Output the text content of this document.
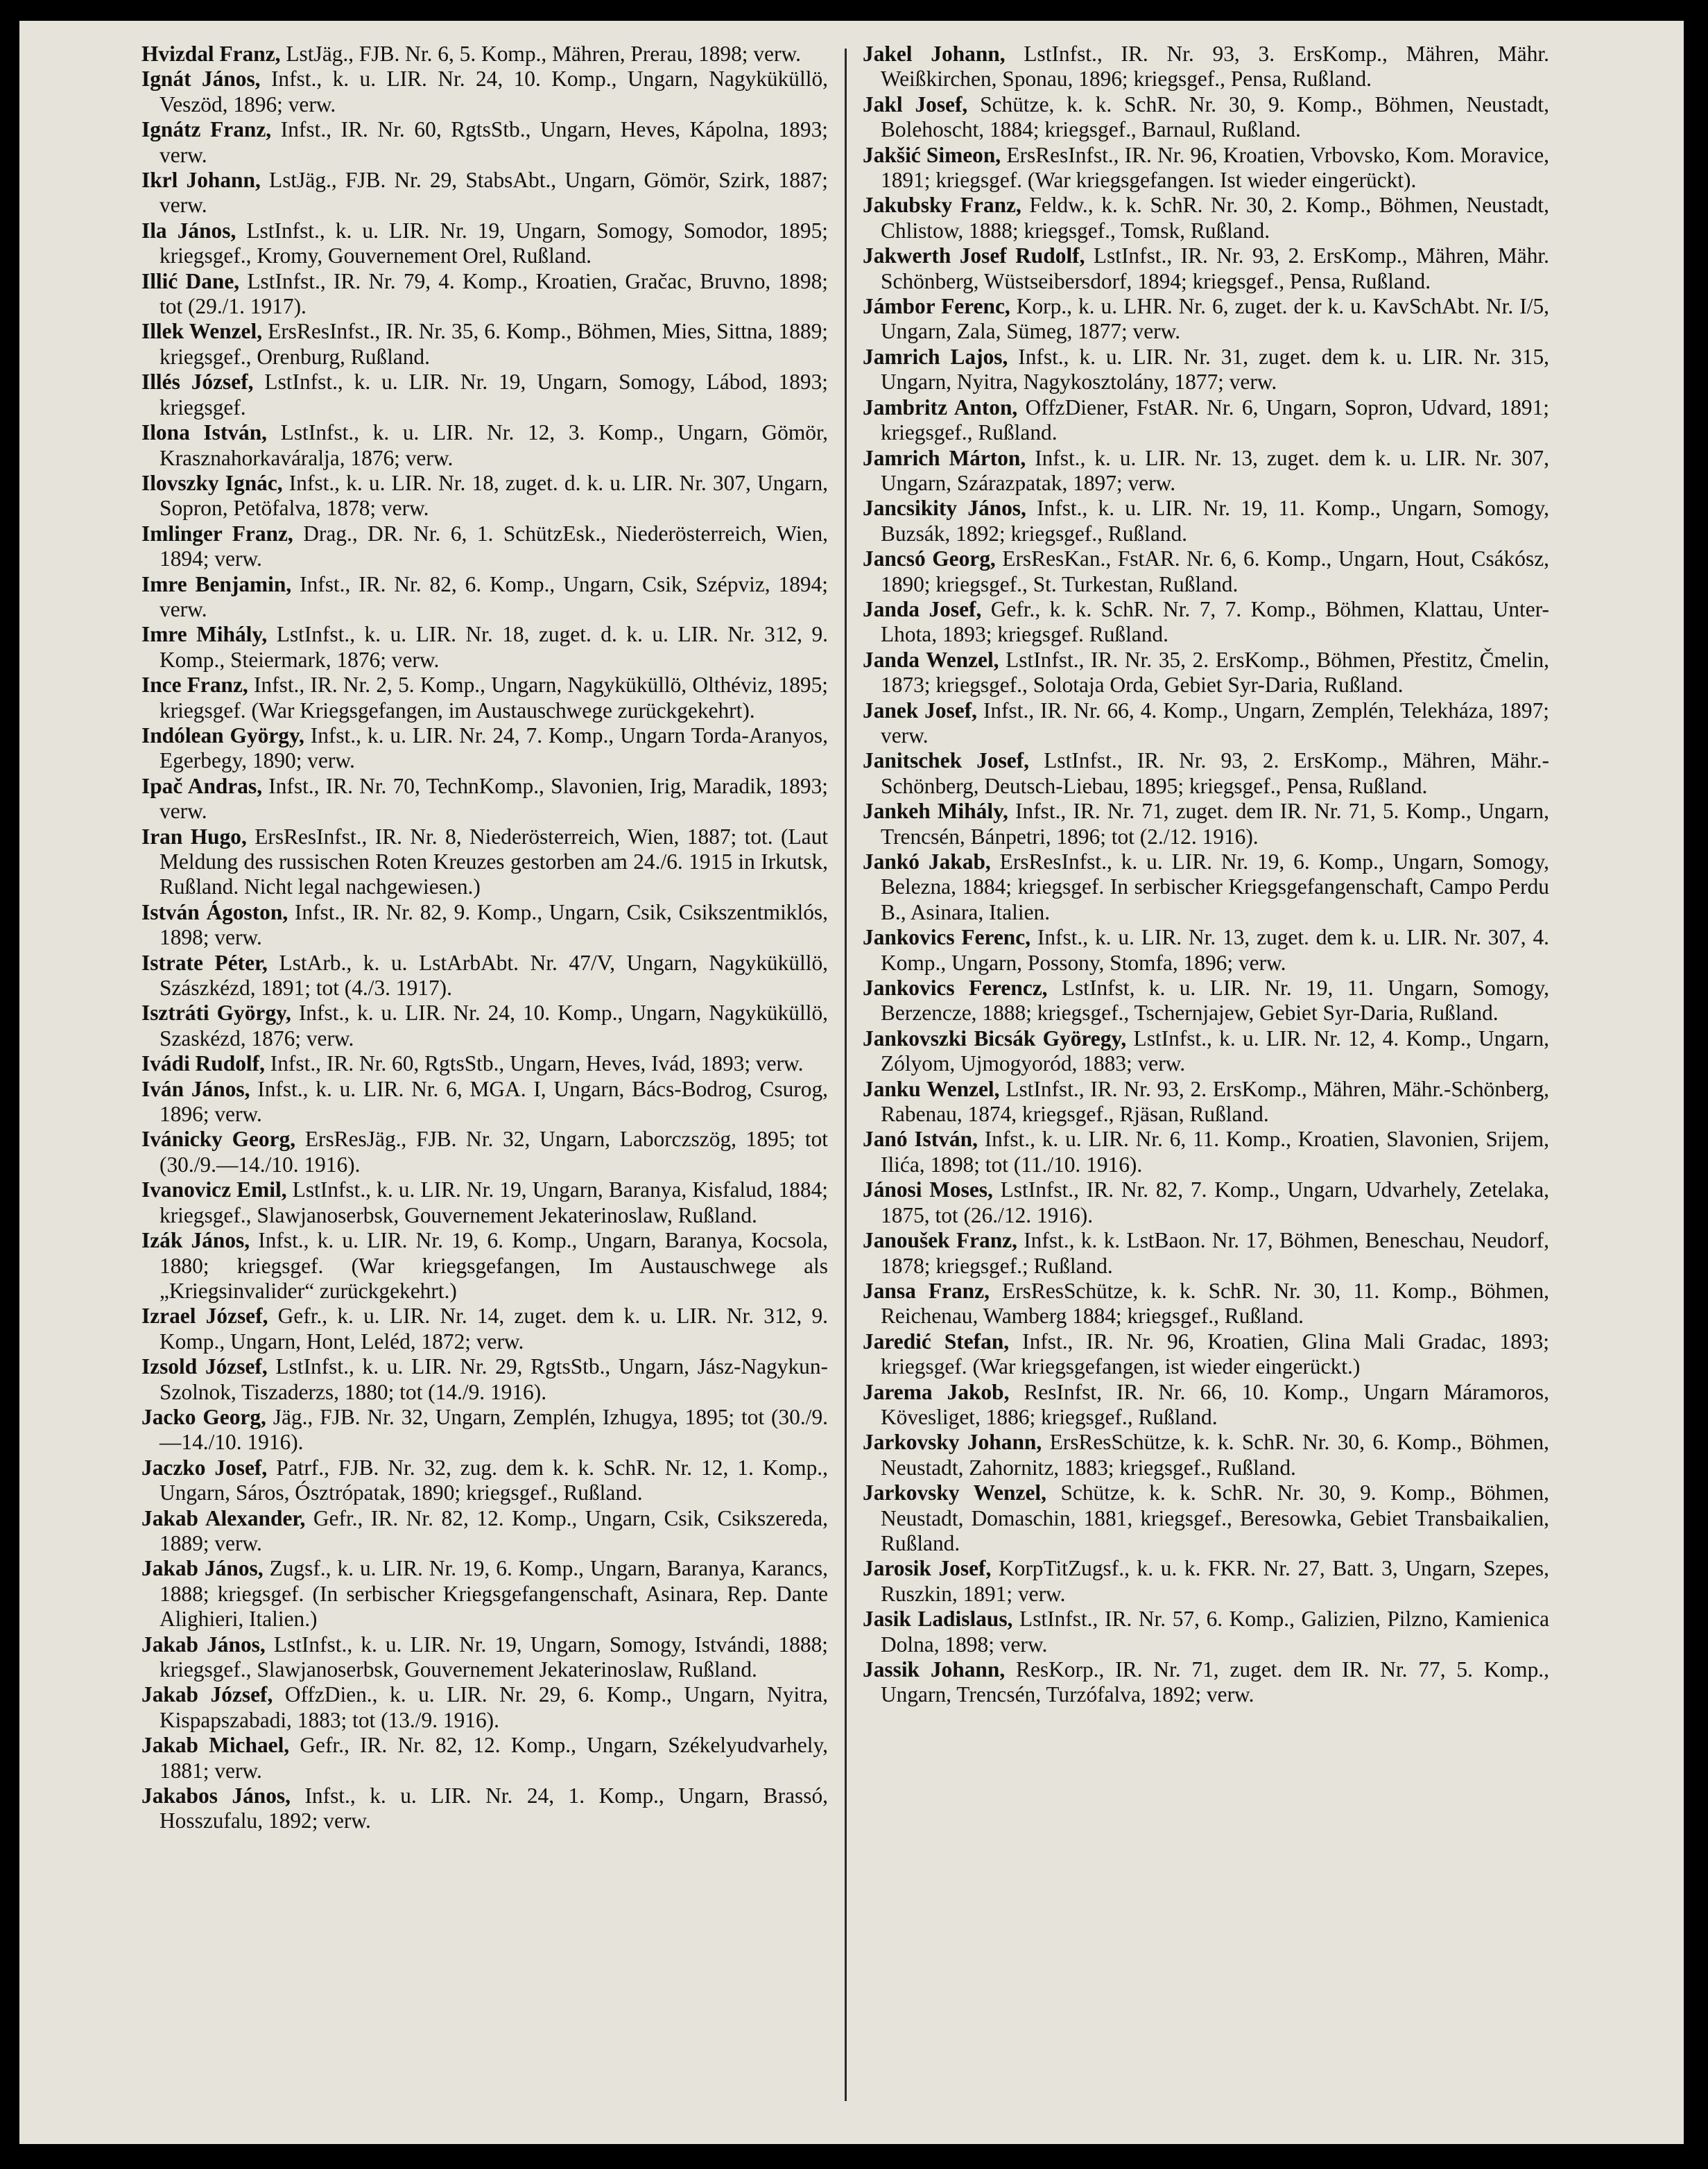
Hvizdal Franz, LstJäg., FJB. Nr. 6, 5. Komp., Mähren, Prerau, 1898; verw.

Ignát János, Infst., k. u. LIR. Nr. 24, 10. Komp., Ungarn, Nagyküküllö, Veszöd, 1896; verw.

Ignátz Franz, Infst., IR. Nr. 60, RgtsStb., Ungarn, Heves, Kápolna, 1893; verw.

Ikrl Johann, LstJäg., FJB. Nr. 29, StabsAbt., Ungarn, Gömör, Szirk, 1887; verw.

Ila János, LstInfst., k. u. LIR. Nr. 19, Ungarn, Somogy, Somodor, 1895; kriegsgef., Kromy, Gouvernement Orel, Rußland.

Illić Dane, LstInfst., IR. Nr. 79, 4. Komp., Kroatien, Gračac, Bruvno, 1898; tot (29./1. 1917).

Illek Wenzel, ErsResInfst., IR. Nr. 35, 6. Komp., Böhmen, Mies, Sittna, 1889; kriegsgef., Orenburg, Rußland.

Illés József, LstInfst., k. u. LIR. Nr. 19, Ungarn, Somogy, Lábod, 1893; kriegsgef.

Ilona István, LstInfst., k. u. LIR. Nr. 12, 3. Komp., Ungarn, Gömör, Krasznahorkaváralja, 1876; verw.

Ilovszky Ignác, Infst., k. u. LIR. Nr. 18, zuget. d. k. u. LIR. Nr. 307, Ungarn, Sopron, Petöfalva, 1878; verw.

Imlinger Franz, Drag., DR. Nr. 6, 1. SchützEsk., Niederösterreich, Wien, 1894; verw.

Imre Benjamin, Infst., IR. Nr. 82, 6. Komp., Ungarn, Csik, Szépviz, 1894; verw.

Imre Mihály, LstInfst., k. u. LIR. Nr. 18, zuget. d. k. u. LIR. Nr. 312, 9. Komp., Steiermark, 1876; verw.

Ince Franz, Infst., IR. Nr. 2, 5. Komp., Ungarn, Nagyküküllö, Olthéviz, 1895; kriegsgef. (War Kriegsgefangen, im Austauschwege zurückgekehrt).

Indólean György, Infst., k. u. LIR. Nr. 24, 7. Komp., Ungarn Torda-Aranyos, Egerbegy, 1890; verw.

Ipač Andras, Infst., IR. Nr. 70, TechnKomp., Slavonien, Irig, Maradik, 1893; verw.

Iran Hugo, ErsResInfst., IR. Nr. 8, Niederösterreich, Wien, 1887; tot. (Laut Meldung des russischen Roten Kreuzes gestorben am 24./6. 1915 in Irkutsk, Rußland. Nicht legal nachgewiesen.)

István Ágoston, Infst., IR. Nr. 82, 9. Komp., Ungarn, Csik, Csikszentmiklós, 1898; verw.

Istrate Péter, LstArb., k. u. LstArbAbt. Nr. 47/V, Ungarn, Nagyküküllö, Szászkézd, 1891; tot (4./3. 1917).

Isztráti György, Infst., k. u. LIR. Nr. 24, 10. Komp., Ungarn, Nagyküküllö, Szaskézd, 1876; verw.

Ivádi Rudolf, Infst., IR. Nr. 60, RgtsStb., Ungarn, Heves, Ivád, 1893; verw.

Iván János, Infst., k. u. LIR. Nr. 6, MGA. I, Ungarn, Bács-Bodrog, Csurog, 1896; verw.

Ivánicky Georg, ErsResJäg., FJB. Nr. 32, Ungarn, Laborczszög, 1895; tot (30./9.—14./10. 1916).

Ivanovicz Emil, LstInfst., k. u. LIR. Nr. 19, Ungarn, Baranya, Kisfalud, 1884; kriegsgef., Slawjanoserbsk, Gouvernement Jekaterinoslaw, Rußland.

Izák János, Infst., k. u. LIR. Nr. 19, 6. Komp., Ungarn, Baranya, Kocsola, 1880; kriegsgef. (War kriegsgefangen, Im Austauschwege als „Kriegsinvalider“ zurückgekehrt.)

Izrael József, Gefr., k. u. LIR. Nr. 14, zuget. dem k. u. LIR. Nr. 312, 9. Komp., Ungarn, Hont, Leléd, 1872; verw.

Izsold József, LstInfst., k. u. LIR. Nr. 29, RgtsStb., Ungarn, Jász-Nagykun-Szolnok, Tiszaderzs, 1880; tot (14./9. 1916).

Jacko Georg, Jäg., FJB. Nr. 32, Ungarn, Zemplén, Izhugya, 1895; tot (30./9.—14./10. 1916).

Jaczko Josef, Patrf., FJB. Nr. 32, zug. dem k. k. SchR. Nr. 12, 1. Komp., Ungarn, Sáros, Ósztrópatak, 1890; kriegsgef., Rußland.

Jakab Alexander, Gefr., IR. Nr. 82, 12. Komp., Ungarn, Csik, Csikszereda, 1889; verw.

Jakab János, Zugsf., k. u. LIR. Nr. 19, 6. Komp., Ungarn, Baranya, Karancs, 1888; kriegsgef. (In serbischer Kriegsgefangenschaft, Asinara, Rep. Dante Alighieri, Italien.)

Jakab János, LstInfst., k. u. LIR. Nr. 19, Ungarn, Somogy, Istvándi, 1888; kriegsgef., Slawjanoserbsk, Gouvernement Jekaterinoslaw, Rußland.

Jakab József, OffzDien., k. u. LIR. Nr. 29, 6. Komp., Ungarn, Nyitra, Kispapszabadi, 1883; tot (13./9. 1916).

Jakab Michael, Gefr., IR. Nr. 82, 12. Komp., Ungarn, Székelyudvarhely, 1881; verw.

Jakabos János, Infst., k. u. LIR. Nr. 24, 1. Komp., Ungarn, Brassó, Hosszufalu, 1892; verw.

Jakel Johann, LstInfst., IR. Nr. 93, 3. ErsKomp., Mähren, Mähr. Weißkirchen, Sponau, 1896; kriegsgef., Pensa, Rußland.

Jakl Josef, Schütze, k. k. SchR. Nr. 30, 9. Komp., Böhmen, Neustadt, Bolehoscht, 1884; kriegsgef., Barnaul, Rußland.

Jakšić Simeon, ErsResInfst., IR. Nr. 96, Kroatien, Vrbovsko, Kom. Moravice, 1891; kriegsgef. (War kriegsgefangen. Ist wieder eingerückt).

Jakubsky Franz, Feldw., k. k. SchR. Nr. 30, 2. Komp., Böhmen, Neustadt, Chlistow, 1888; kriegsgef., Tomsk, Rußland.

Jakwerth Josef Rudolf, LstInfst., IR. Nr. 93, 2. ErsKomp., Mähren, Mähr. Schönberg, Wüstseibersdorf, 1894; kriegsgef., Pensa, Rußland.

Jámbor Ferenc, Korp., k. u. LHR. Nr. 6, zuget. der k. u. KavSchAbt. Nr. I/5, Ungarn, Zala, Sümeg, 1877; verw.

Jamrich Lajos, Infst., k. u. LIR. Nr. 31, zuget. dem k. u. LIR. Nr. 315, Ungarn, Nyitra, Nagykosztolány, 1877; verw.

Jambritz Anton, OffzDiener, FstAR. Nr. 6, Ungarn, Sopron, Udvard, 1891; kriegsgef., Rußland.

Jamrich Márton, Infst., k. u. LIR. Nr. 13, zuget. dem k. u. LIR. Nr. 307, Ungarn, Szárazpatak, 1897; verw.

Jancsikity János, Infst., k. u. LIR. Nr. 19, 11. Komp., Ungarn, Somogy, Buzsák, 1892; kriegsgef., Rußland.

Jancsó Georg, ErsResKan., FstAR. Nr. 6, 6. Komp., Ungarn, Hout, Csákósz, 1890; kriegsgef., St. Turkestan, Rußland.

Janda Josef, Gefr., k. k. SchR. Nr. 7, 7. Komp., Böhmen, Klattau, Unter-Lhota, 1893; kriegsgef. Rußland.

Janda Wenzel, LstInfst., IR. Nr. 35, 2. ErsKomp., Böhmen, Přestitz, Čmelin, 1873; kriegsgef., Solotaja Orda, Gebiet Syr-Daria, Rußland.

Janek Josef, Infst., IR. Nr. 66, 4. Komp., Ungarn, Zemplén, Telekháza, 1897; verw.

Janitschek Josef, LstInfst., IR. Nr. 93, 2. ErsKomp., Mähren, Mähr.-Schönberg, Deutsch-Liebau, 1895; kriegsgef., Pensa, Rußland.

Jankeh Mihály, Infst., IR. Nr. 71, zuget. dem IR. Nr. 71, 5. Komp., Ungarn, Trencsén, Bánpetri, 1896; tot (2./12. 1916).

Jankó Jakab, ErsResInfst., k. u. LIR. Nr. 19, 6. Komp., Ungarn, Somogy, Belezna, 1884; kriegsgef. In serbischer Kriegsgefangenschaft, Campo Perdu B., Asinara, Italien.

Jankovics Ferenc, Infst., k. u. LIR. Nr. 13, zuget. dem k. u. LIR. Nr. 307, 4. Komp., Ungarn, Possony, Stomfa, 1896; verw.

Jankovics Ferencz, LstInfst, k. u. LIR. Nr. 19, 11. Ungarn, Somogy, Berzencze, 1888; kriegsgef., Tschernjajew, Gebiet Syr-Daria, Rußland.

Jankovszki Bicsák Györegy, LstInfst., k. u. LIR. Nr. 12, 4. Komp., Ungarn, Zólyom, Ujmogyoród, 1883; verw.

Janku Wenzel, LstInfst., IR. Nr. 93, 2. ErsKomp., Mähren, Mähr.-Schönberg, Rabenau, 1874, kriegsgef., Rjäsan, Rußland.

Janó István, Infst., k. u. LIR. Nr. 6, 11. Komp., Kroatien, Slavonien, Srijem, Ilića, 1898; tot (11./10. 1916).

Jánosi Moses, LstInfst., IR. Nr. 82, 7. Komp., Ungarn, Udvarhely, Zetelaka, 1875, tot (26./12. 1916).

Janoušek Franz, Infst., k. k. LstBaon. Nr. 17, Böhmen, Beneschau, Neudorf, 1878; kriegsgef.; Rußland.

Jansa Franz, ErsResSchütze, k. k. SchR. Nr. 30, 11. Komp., Böhmen, Reichenau, Wamberg 1884; kriegsgef., Rußland.

Jaredić Stefan, Infst., IR. Nr. 96, Kroatien, Glina Mali Gradac, 1893; kriegsgef. (War kriegsgefangen, ist wieder eingerückt.)

Jarema Jakob, ResInfst, IR. Nr. 66, 10. Komp., Ungarn Máramoros, Kövesliget, 1886; kriegsgef., Rußland.

Jarkovsky Johann, ErsResSchütze, k. k. SchR. Nr. 30, 6. Komp., Böhmen, Neustadt, Zahornitz, 1883; kriegsgef., Rußland.

Jarkovsky Wenzel, Schütze, k. k. SchR. Nr. 30, 9. Komp., Böhmen, Neustadt, Domaschin, 1881, kriegsgef., Beresowka, Gebiet Transbaikalien, Rußland.

Jarosik Josef, KorpTitZugsf., k. u. k. FKR. Nr. 27, Batt. 3, Ungarn, Szepes, Ruszkin, 1891; verw.

Jasik Ladislaus, LstInfst., IR. Nr. 57, 6. Komp., Galizien, Pilzno, Kamienica Dolna, 1898; verw.

Jassik Johann, ResKorp., IR. Nr. 71, zuget. dem IR. Nr. 77, 5. Komp., Ungarn, Trencsén, Turzófalva, 1892; verw.
